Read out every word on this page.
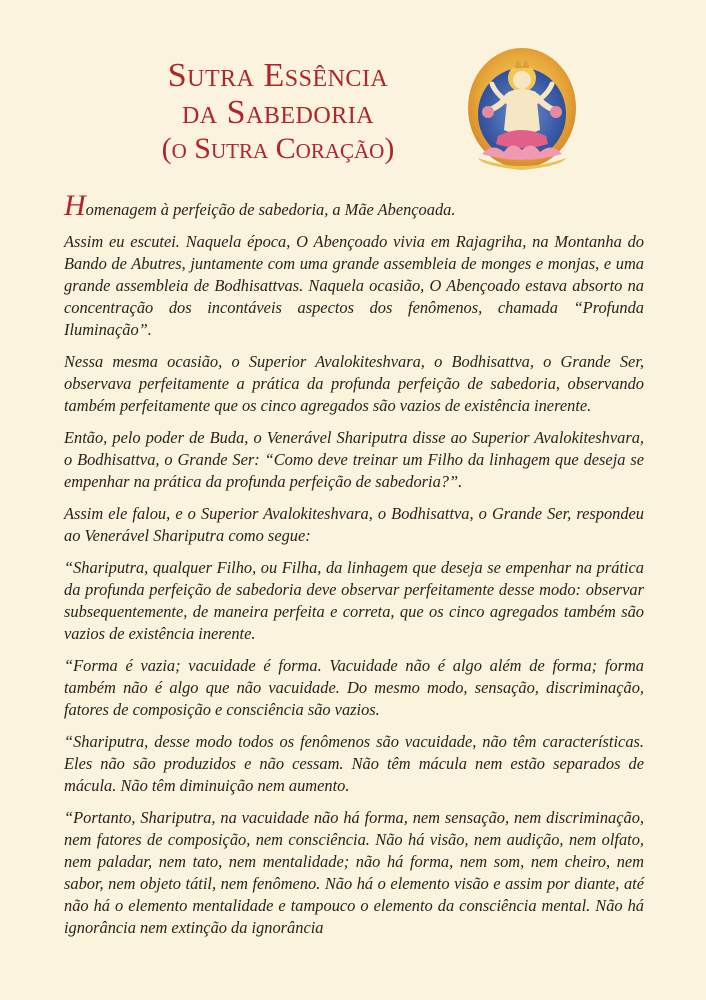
Sutra Essência
da Sabedoria
(o Sutra Coração)

Homenagem à perfeição de sabedoria, a Mãe Abençoada.

Assim eu escutei. Naquela época, O Abençoado vivia em Rajagriha, na Montanha do Bando de Abutres, juntamente com uma grande assembleia de monges e monjas, e uma grande assembleia de Bodhisattvas. Naquela ocasião, O Abençoado estava absorto na concentração dos incontáveis aspectos dos fenômenos, chamada “Profunda Iluminação”.

Nessa mesma ocasião, o Superior Avalokiteshvara, o Bodhisattva, o Grande Ser, observava perfeitamente a prática da profunda perfeição de sabedoria, observando também perfeitamente que os cinco agregados são vazios de existência inerente.

Então, pelo poder de Buda, o Venerável Shariputra disse ao Superior Avalokiteshvara, o Bodhisattva, o Grande Ser: “Como deve treinar um Filho da linhagem que deseja se empenhar na prática da profunda perfeição de sabedoria?”.

Assim ele falou, e o Superior Avalokiteshvara, o Bodhisattva, o Grande Ser, respondeu ao Venerável Shariputra como segue:

“Shariputra, qualquer Filho, ou Filha, da linhagem que deseja se empenhar na prática da profunda perfeição de sabedoria deve observar perfeitamente desse modo: observar subsequentemente, de maneira perfeita e correta, que os cinco agregados também são vazios de existência inerente.

“Forma é vazia; vacuidade é forma. Vacuidade não é algo além de forma; forma também não é algo que não vacuidade. Do mesmo modo, sensação, discriminação, fatores de composição e consciência são vazios.

“Shariputra, desse modo todos os fenômenos são vacuidade, não têm características. Eles não são produzidos e não cessam. Não têm mácula nem estão separados de mácula. Não têm diminuição nem aumento.

“Portanto, Shariputra, na vacuidade não há forma, nem sensação, nem discriminação, nem fatores de composição, nem consciência. Não há visão, nem audição, nem olfato, nem paladar, nem tato, nem mentalidade; não há forma, nem som, nem cheiro, nem sabor, nem objeto tátil, nem fenômeno. Não há o elemento visão e assim por diante, até não há o elemento mentalidade e tampouco o elemento da consciência mental. Não há ignorância nem extinção da ignorância
